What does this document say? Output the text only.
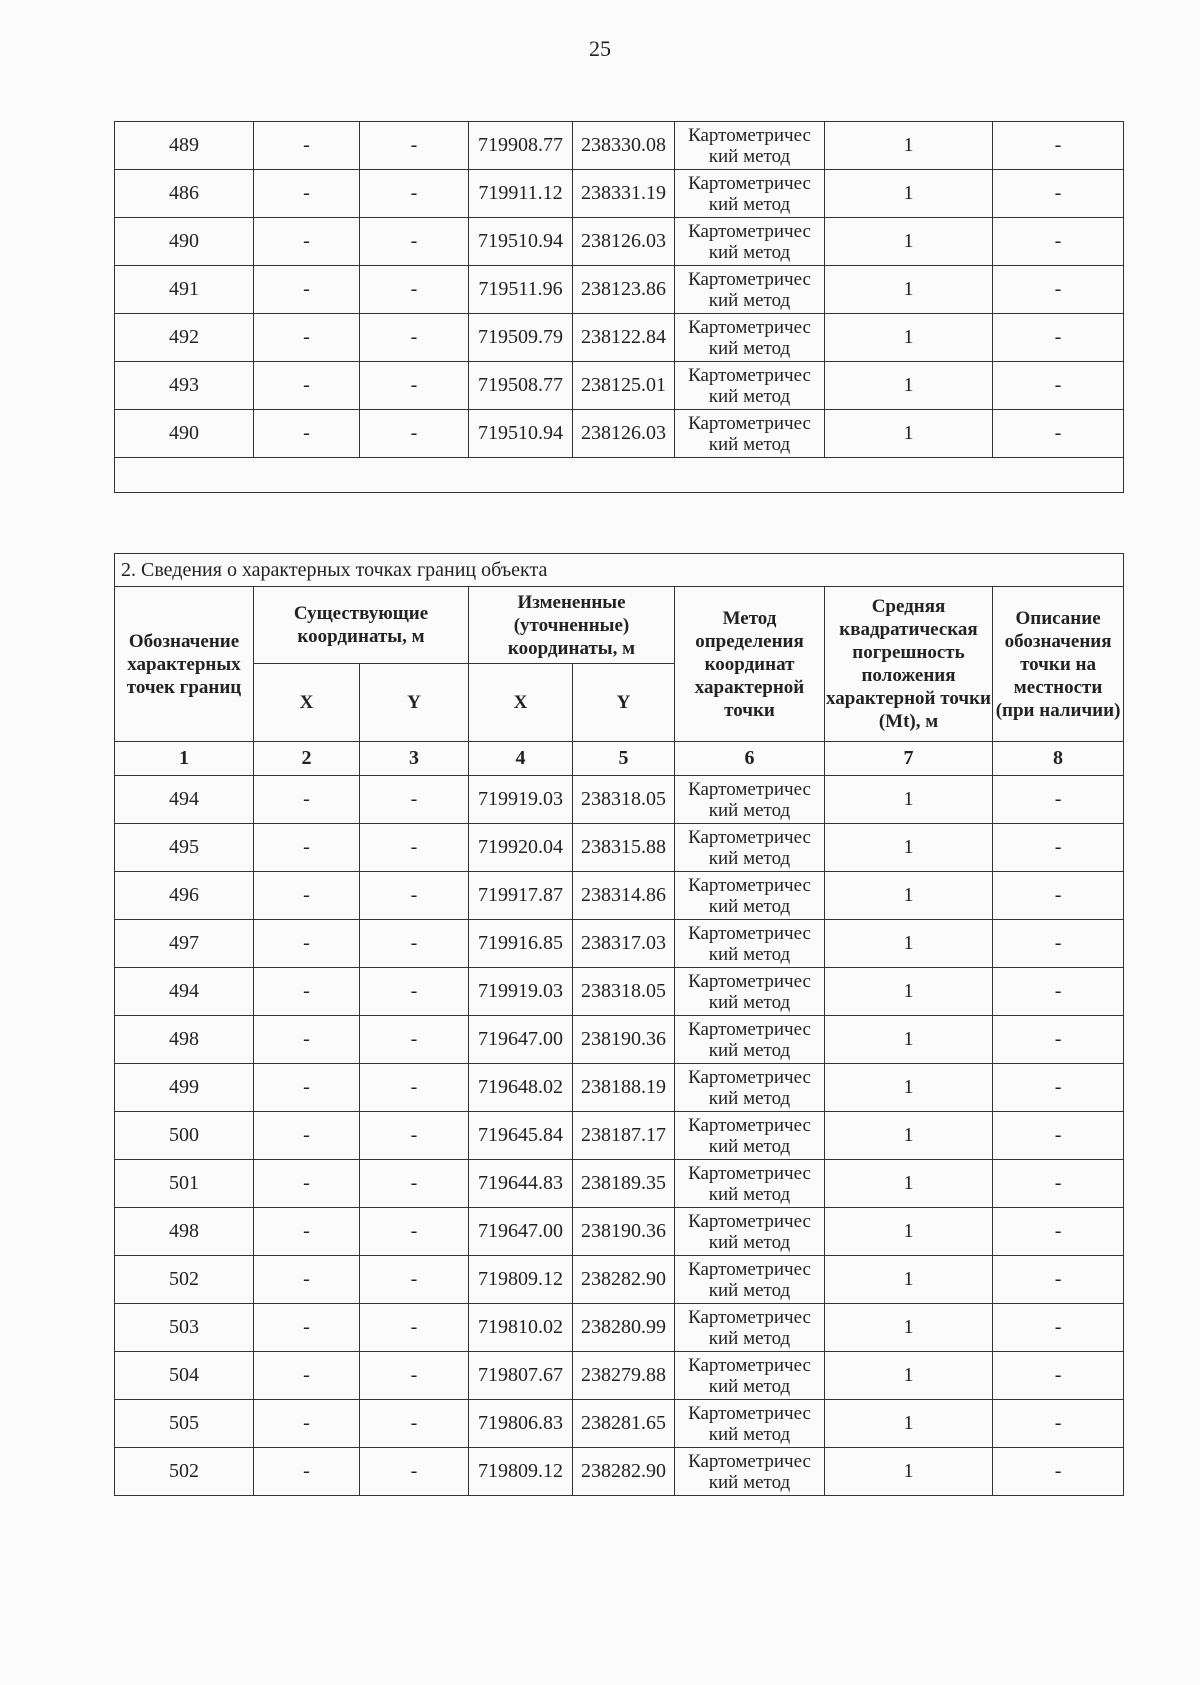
25
489	-	-	719908.77	238330.08	Картометричес кий метод	1	-
486	-	-	719911.12	238331.19	Картометричес кий метод	1	-
490	-	-	719510.94	238126.03	Картометричес кий метод	1	-
491	-	-	719511.96	238123.86	Картометричес кий метод	1	-
492	-	-	719509.79	238122.84	Картометричес кий метод	1	-
493	-	-	719508.77	238125.01	Картометричес кий метод	1	-
490	-	-	719510.94	238126.03	Картометричес кий метод	1	-

2. Сведения о характерных точках границ объекта							
Обозначение характерных точек границ	Существующие координаты, м		Измененные (уточненные) координаты, м		Метод определения координат характерной точки	Средняя квадратическая погрешность положения характерной точки (Mt), м	Описание обозначения точки на местности (при наличии)
	X	Y	X	Y			
1	2	3	4	5	6	7	8
494	-	-	719919.03	238318.05	Картометричес кий метод	1	-
495	-	-	719920.04	238315.88	Картометричес кий метод	1	-
496	-	-	719917.87	238314.86	Картометричес кий метод	1	-
497	-	-	719916.85	238317.03	Картометричес кий метод	1	-
494	-	-	719919.03	238318.05	Картометричес кий метод	1	-
498	-	-	719647.00	238190.36	Картометричес кий метод	1	-
499	-	-	719648.02	238188.19	Картометричес кий метод	1	-
500	-	-	719645.84	238187.17	Картометричес кий метод	1	-
501	-	-	719644.83	238189.35	Картометричес кий метод	1	-
498	-	-	719647.00	238190.36	Картометричес кий метод	1	-
502	-	-	719809.12	238282.90	Картометричес кий метод	1	-
503	-	-	719810.02	238280.99	Картометричес кий метод	1	-
504	-	-	719807.67	238279.88	Картометричес кий метод	1	-
505	-	-	719806.83	238281.65	Картометричес кий метод	1	-
502	-	-	719809.12	238282.90	Картометричес кий метод	1	-
